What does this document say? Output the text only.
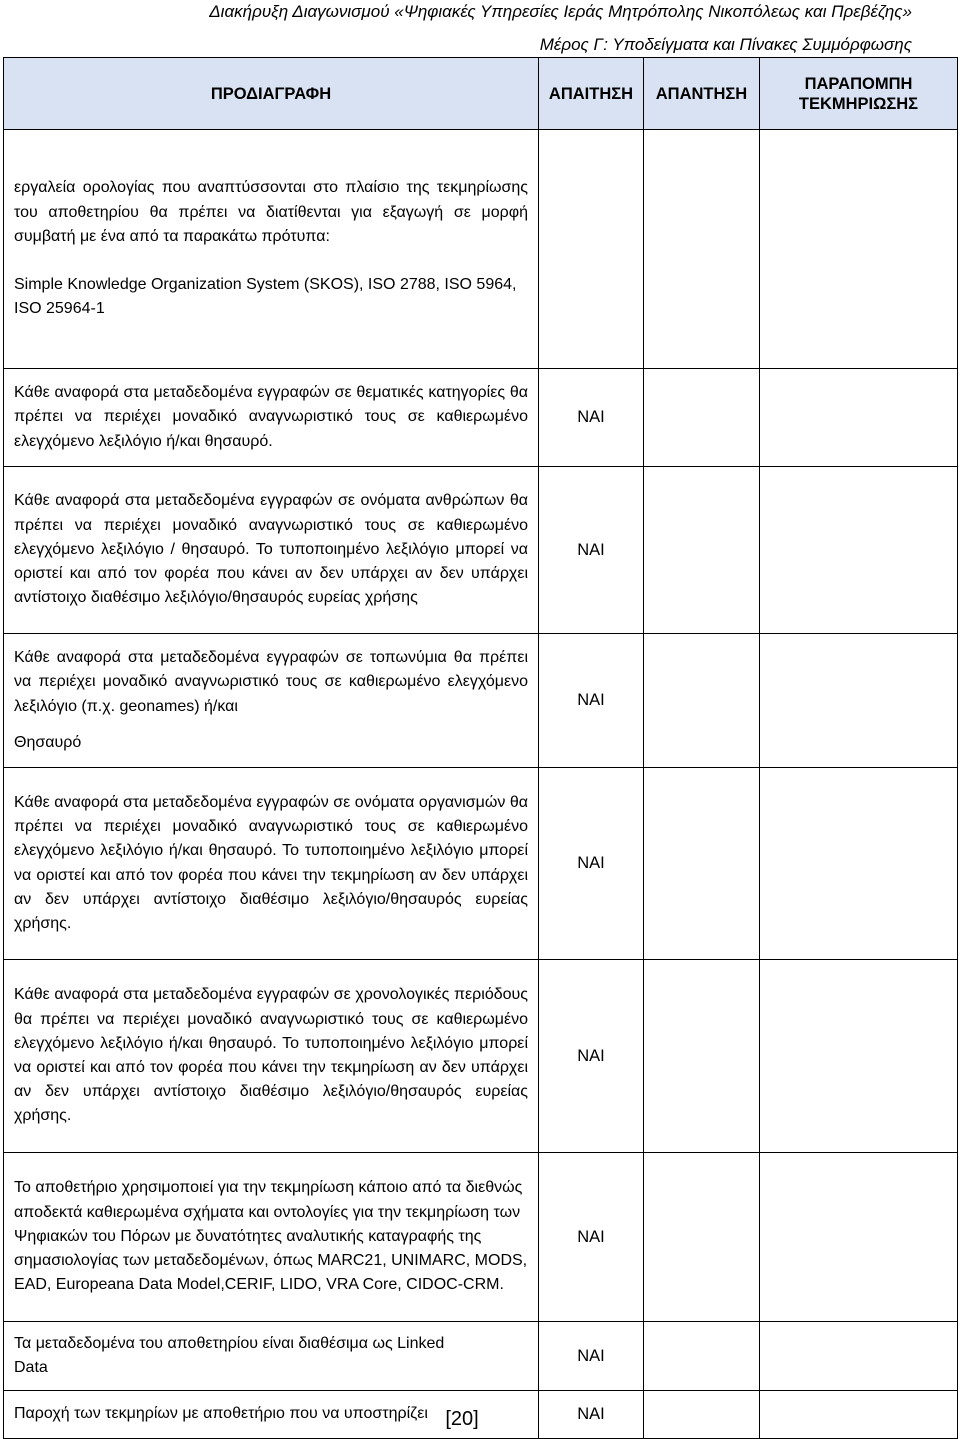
Διακήρυξη Διαγωνισμού «Ψηφιακές Υπηρεσίες Ιεράς Μητρόπολης Νικοπόλεως και Πρεβέζης»
Μέρος Γ: Υποδείγματα και Πίνακες Συμμόρφωσης
ΠΡΟΔΙΑΓΡΑΦΗ	ΑΠΑΙΤΗΣΗ	ΑΠΑΝΤΗΣΗ	ΠΑΡΑΠΟΜΠΗ ΤΕΚΜΗΡΙΩΣΗΣ

εργαλεία ορολογίας που αναπτύσσονται στο πλαίσιο της τεκμηρίωσης του αποθετηρίου θα πρέπει να διατίθενται για εξαγωγή σε μορφή συμβατή με ένα από τα παρακάτω πρότυπα:

Simple Knowledge Organization System (SKOS), ISO 2788, ISO 5964, ISO 25964-1			

Κάθε αναφορά στα μεταδεδομένα εγγραφών σε θεματικές κατηγορίες θα πρέπει να περιέχει μοναδικό αναγνωριστικό τους σε καθιερωμένο ελεγχόμενο λεξιλόγιο ή/και θησαυρό.	ΝΑΙ		

Κάθε αναφορά στα μεταδεδομένα εγγραφών σε ονόματα ανθρώπων θα πρέπει να περιέχει μοναδικό αναγνωριστικό τους σε καθιερωμένο ελεγχόμενο λεξιλόγιο / θησαυρό. Το τυποποιημένο λεξιλόγιο μπορεί να οριστεί και από τον φορέα που κάνει αν δεν υπάρχει αν δεν υπάρχει αντίστοιχο διαθέσιμο λεξιλόγιο/θησαυρός ευρείας χρήσης	ΝΑΙ		

Κάθε αναφορά στα μεταδεδομένα εγγραφών σε τοπωνύμια θα πρέπει να περιέχει μοναδικό αναγνωριστικό τους σε καθιερωμένο ελεγχόμενο λεξιλόγιο (π.χ. geonames) ή/και

Θησαυρό	ΝΑΙ		

Κάθε αναφορά στα μεταδεδομένα εγγραφών σε ονόματα οργανισμών θα πρέπει να περιέχει μοναδικό αναγνωριστικό τους σε καθιερωμένο ελεγχόμενο λεξιλόγιο ή/και θησαυρό. Το τυποποιημένο λεξιλόγιο μπορεί να οριστεί και από τον φορέα που κάνει την τεκμηρίωση αν δεν υπάρχει αν δεν υπάρχει αντίστοιχο διαθέσιμο λεξιλόγιο/θησαυρός ευρείας χρήσης.	ΝΑΙ		

Κάθε αναφορά στα μεταδεδομένα εγγραφών σε χρονολογικές περιόδους θα πρέπει να περιέχει μοναδικό αναγνωριστικό τους σε καθιερωμένο ελεγχόμενο λεξιλόγιο ή/και θησαυρό. Το τυποποιημένο λεξιλόγιο μπορεί να οριστεί και από τον φορέα που κάνει την τεκμηρίωση αν δεν υπάρχει αν δεν υπάρχει αντίστοιχο διαθέσιμο λεξιλόγιο/θησαυρός ευρείας χρήσης.	ΝΑΙ		

Το αποθετήριο χρησιμοποιεί για την τεκμηρίωση κάποιο από τα διεθνώς αποδεκτά καθιερωμένα σχήματα και οντολογίες για την τεκμηρίωση των Ψηφιακών του Πόρων με δυνατότητες αναλυτικής καταγραφής της σημασιολογίας των μεταδεδομένων, όπως MARC21, UNIMARC, MODS, EAD, Europeana Data Model,CERIF, LIDO, VRA Core, CIDOC-CRM.	ΝΑΙ		

Τα μεταδεδομένα του αποθετηρίου είναι διαθέσιμα ως Linked Data	ΝΑΙ		

Παροχή των τεκμηρίων με αποθετήριο που να υποστηρίζει	ΝΑΙ		
[20]
